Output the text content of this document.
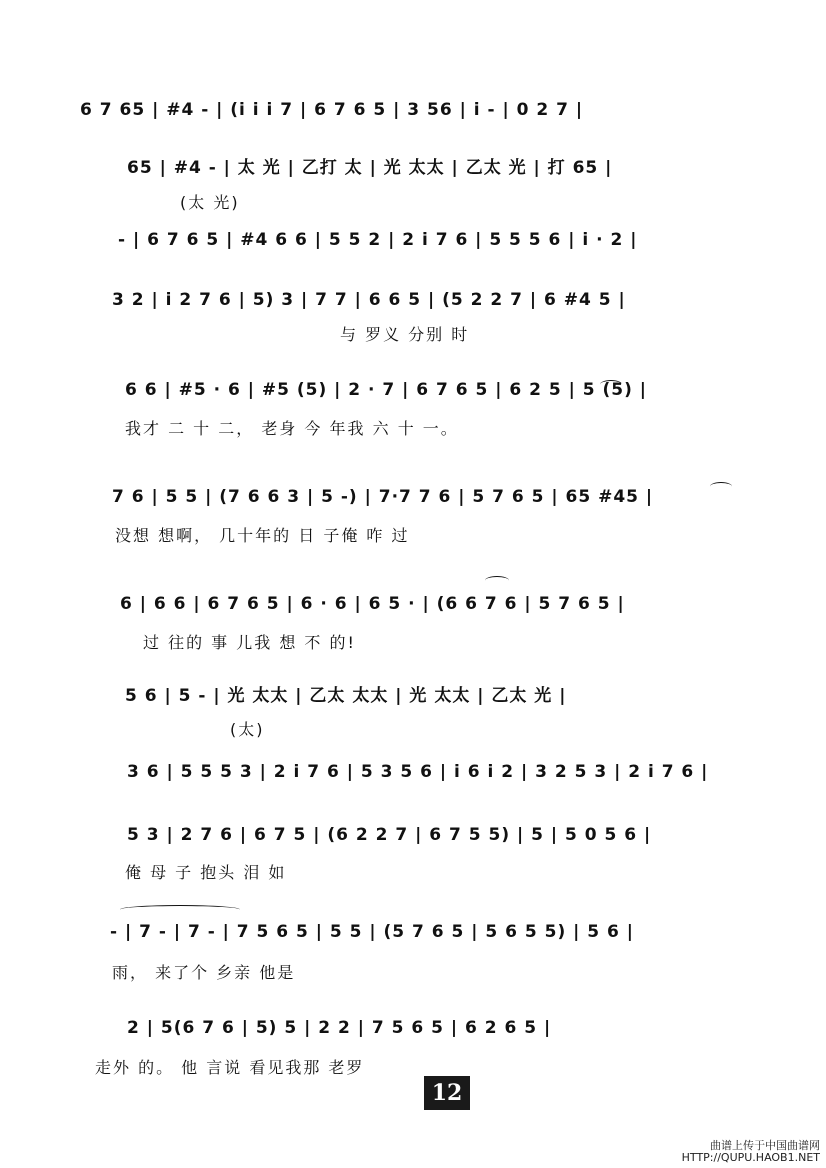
6 7 65 | #4 - | (i i i 7 | 6 7 6 5 | 3 56 | i - | 0 2 7 |
65 | #4 - | 太 光 | 乙打 太 | 光 太太 | 乙太 光 | 打 65 |
(太 光)
- | 6 7 6 5 | #4 6 6 | 5 5 2 | 2 i 7 6 | 5 5 5 6 | i · 2 |
3 2 | i 2 7 6 | 5) 3 | 7 7 | 6 6 5 | (5 2 2 7 | 6 #4 5 |
与 罗义 分别 时
6 6 | #5 · 6 | #5 (5) | 2 · 7 | 6 7 6 5 | 6 2 5 | 5 (5) |
我才 二 十 二， 老身 今 年我 六 十 一。
7 6 | 5 5 | (7 6 6 3 | 5 -) | 7·7 7 6 | 5 7 6 5 | 65 #45 |
没想 想啊， 几十年的 日 子俺 咋 过
6 | 6 6 | 6 7 6 5 | 6 · 6 | 6 5 · | (6 6 7 6 | 5 7 6 5 |
过 往的 事 儿我 想 不 的!
5 6 | 5 - | 光 太太 | 乙太 太太 | 光 太太 | 乙太 光 |
(太)
3 6 | 5 5 5 3 | 2 i 7 6 | 5 3 5 6 | i 6 i 2 | 3 2 5 3 | 2 i 7 6 |
5 3 | 2 7 6 | 6 7 5 | (6 2 2 7 | 6 7 5 5) | 5 | 5 0 5 6 |
俺 母 子 抱头 泪 如
- | 7 - | 7 - | 7 5 6 5 | 5 5 | (5 7 6 5 | 5 6 5 5) | 5 6 |
雨， 来了个 乡亲 他是
2 | 5(6 7 6 | 5) 5 | 2 2 | 7 5 6 5 | 6 2 6 5 |
走外 的。 他 言说 看见我那 老罗
12
曲谱上传于中国曲谱网
HTTP://QUPU.HAOB1.NET
